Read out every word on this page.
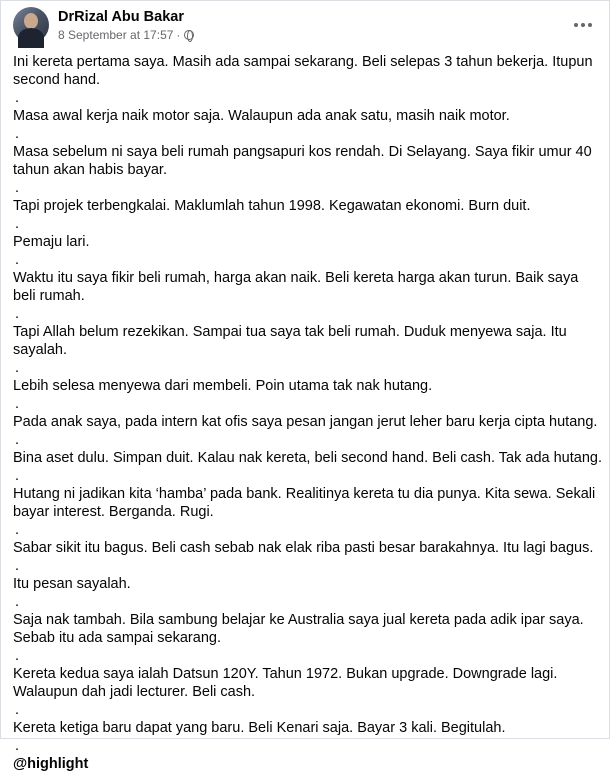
DrRizal Abu Bakar
8 September at 17:57 ·
Ini kereta pertama saya. Masih ada sampai sekarang. Beli selepas 3 tahun bekerja. Itupun second hand.
.
Masa awal kerja naik motor saja. Walaupun ada anak satu, masih naik motor.
.
Masa sebelum ni saya beli rumah pangsapuri kos rendah. Di Selayang. Saya fikir umur 40 tahun akan habis bayar.
.
Tapi projek terbengkalai. Maklumlah tahun 1998. Kegawatan ekonomi. Burn duit.
.
Pemaju lari.
.
Waktu itu saya fikir beli rumah, harga akan naik. Beli kereta harga akan turun. Baik saya beli rumah.
.
Tapi Allah belum rezekikan. Sampai tua saya tak beli rumah. Duduk menyewa saja. Itu sayalah.
.
Lebih selesa menyewa dari membeli. Poin utama tak nak hutang.
.
Pada anak saya, pada intern kat ofis saya pesan jangan jerut leher baru kerja cipta hutang.
.
Bina aset dulu. Simpan duit. Kalau nak kereta, beli second hand. Beli cash. Tak ada hutang.
.
Hutang ni jadikan kita ‘hamba’ pada bank. Realitinya kereta tu dia punya. Kita sewa. Sekali bayar interest. Berganda. Rugi.
.
Sabar sikit itu bagus. Beli cash sebab nak elak riba pasti besar barakahnya. Itu lagi bagus.
.
Itu pesan sayalah.
.
Saja nak tambah. Bila sambung belajar ke Australia saya jual kereta pada adik ipar saya. Sebab itu ada sampai sekarang.
.
Kereta kedua saya ialah Datsun 120Y. Tahun 1972. Bukan upgrade. Downgrade lagi. Walaupun dah jadi lecturer. Beli cash.
.
Kereta ketiga baru dapat yang baru. Beli Kenari saja. Bayar 3 kali. Begitulah.
.
@highlight
